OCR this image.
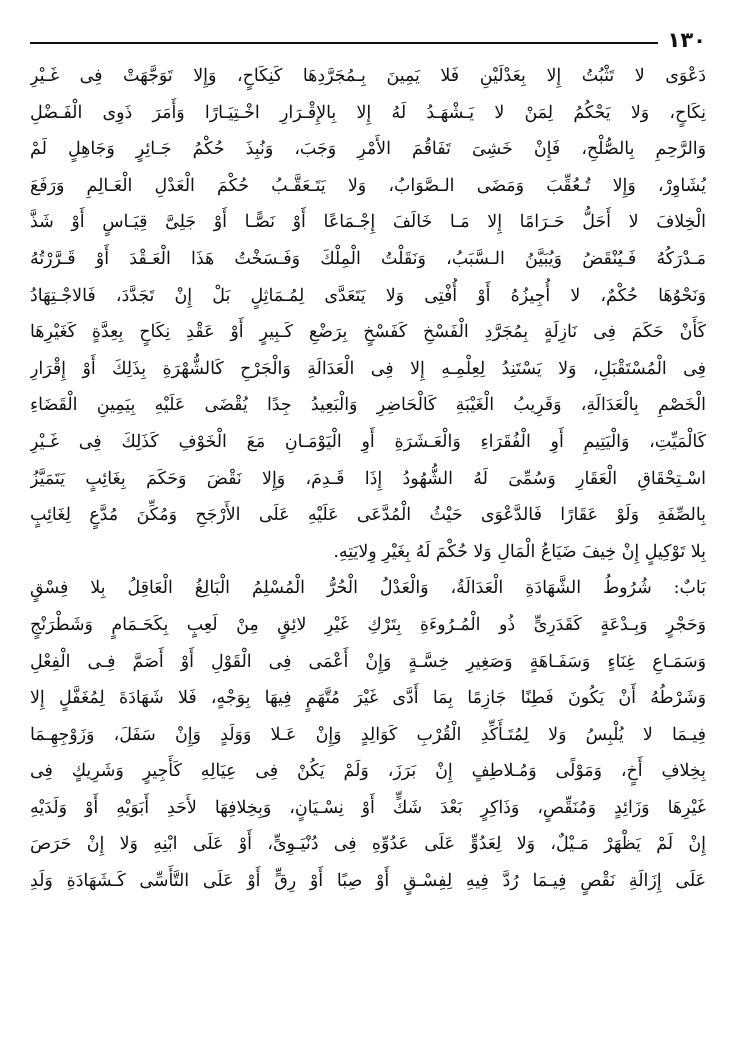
١٣٠
دَعْوَى لا تَثْبُتُ إِلا بِعَدْلَيْنِ فَلا يَمِينَ بِـمُجَرَّدِهَا كَنِكَاحٍ، وَإِلا تَوَجَّهَتْ فِى غَـيْرِ
نِكَاحٍ، وَلا يَحْكُمُ لِمَنْ لا يَـشْهَـدُ لَهُ إِلا بِالإِقْـرَارِ اخْـتِيَـارًا وَأَمَرَ ذَوِى الْفَـضْلِ
وَالرَّحِمِ بِالصُّلْحِ، فَإِنْ خَشِىَ تَفَاقُمَ الأَمْرِ وَجَبَ، وَنُبِذَ حُكْمُ جَـائِرٍ وَجَاهِلٍ لَمْ
يُشَاوِرْ، وَإِلا تُـعُقِّبَ وَمَضَى الـصَّوَابُ، وَلا يَتَـعَقَّـبُ حُكْمَ الْعَدْلِ الْعَـالِمِ وَرَفَعَ
الْخِلافَ لا أَحَلُّ حَـرَامًا إِلا مَـا خَالَفَ إِجْـمَاعًا أَوْ نَصًّـا أَوْ جَلِىَّ قِيَـاسٍ أَوْ شَذَّ
مَـدْرَكُهُ فَـيُنْقَضُ وَيُبَيَّنُ الـسَّبَبُ، وَنَقَلْتُ الْمِلْكَ وَفَـسَخْتُ هَذَا الْعَـقْدَ أَوْ قَـرَّرْتُهُ
وَنَحْوُهَا حُكْمٌ، لا أُجِيزُهُ أَوْ أُفْتِى وَلا يَتَعَدَّى لِمُـمَاثِلٍ بَلْ إِنْ تَجَدَّدَ، فَالاجْـتِهَادُ
كَأَنْ حَكَمَ فِى نَازِلَةٍ بِمُجَرَّدِ الْفَسْخِ كَفَسْخٍ بِرَضْعِ كَـبِيرٍ أَوْ عَقْدِ نِكَاحٍ بِعِدَّةٍ كَغَيْرِهَا
فِى الْمُسْتَقْبَلِ، وَلا يَسْتَنِدُ لِعِلْمِـهِ إِلا فِى الْعَدَالَةِ وَالْجَرْحِ كَالشُّهْرَةِ بِذَلِكَ أَوْ إِقْرَارِ
الْخَصْمِ بِالْعَدَالَةِ، وَقَرِيبُ الْغَيْبَةِ كَالْحَاضِرِ وَالْبَعِيدُ جِدًا يُقْضَى عَلَيْهِ بِيَمِينِ الْقَضَاءِ
كَالْمَيِّتِ، وَالْيَتِيمِ أَوِ الْفُقَرَاءِ وَالْعَـشَرَةِ أَوِ الْيَوْمَـانِ مَعَ الْخَوْفِ كَذَلِكَ فِى غَـيْرِ
اسْـتِحْقَاقِ الْعَقَارِ وَسُمِّىَ لَهُ الشُّهُودُ إِذَا قَـدِمَ، وَإِلا نَقْضَ وَحَكَمَ بِغَائِبٍ يَتَمَيَّزُ
بِالصِّفَةِ وَلَوْ عَقَارًا فَالدَّعْوَى حَيْثُ الْمُدَّعَى عَلَيْهِ عَلَى الأَرْجَحِ وَمُكِّنَ مُدَّعٍ لِغَائِبٍ
بِلا تَوْكِيلٍ إِنْ خِيفَ ضَيَاعُ الْمَالِ وَلا حُكْمَ لَهُ بِغَيْرِ وِلايَتِهِ.
بَابٌ: شُرُوطُ الشَّهَادَةِ الْعَدَالَةُ، وَالْعَدْلُ الْحُرُّ الْمُسْلِمُ الْبَالِغُ الْعَاقِلُ بِلا فِسْقٍ
وَحَجْرٍ وَبِـدْعَةٍ كَقَدَرِىٍّ ذُو الْمُـرُوءَةِ بِتَرْكِ غَيْرِ لائِقٍ مِنْ لَعِبٍ بِكَحَـمَامٍ وَشَطْرَنْجٍ
وَسَمَـاعِ غِنَاءٍ وَسَفَـاهَةٍ وَصَغِيرِ خِسَّـةٍ وَإِنْ أَعْمَى فِى الْقَوْلِ أَوْ أَصَمَّ فِـى الْفِعْلِ
وَشَرْطُهُ أَنْ يَكُونَ فَطِنًا جَازِمًا بِمَا أَدَّى غَيْرَ مُتَّهَمٍ فِيهَا بِوَجْهٍ، فَلا شَهَادَةَ لِمُغَفَّلٍ إِلا
فِيـمَا لا يُلْبِسُ وَلا لِمُتَـأَكِّدِ الْقُرْبِ كَوَالِدٍ وَإِنْ عَـلا وَوَلَدٍ وَإِنْ سَفَلَ، وَزَوْجِهِـمَا
بِخِلافِ أَخٍ، وَمَوْلًى وَمُـلاطِفٍ إِنْ بَرَزَ، وَلَمْ يَكُنْ فِى عِيَالِهِ كَأَجِيرٍ وَشَرِيكٍ فِى
غَيْرِهَا وَزَائِدٍ وَمُنَقِّصٍ، وَذَاكِرٍ بَعْدَ شَكٍّ أَوْ نِسْـيَانٍ، وَبِخِلافِهَا لأَحَدِ أَبَوَيْهِ أَوْ وَلَدَيْهِ
إِنْ لَمْ يَظْهَرْ مَـيْلٌ، وَلا لِعَدُوٍّ عَلَى عَدُوِّهِ فِى دُنْيَـوِىٍّ، أَوْ عَلَى ابْنِهِ وَلا إِنْ حَرَصَ
عَلَى إِزَالَةِ نَقْصٍ فِيـمَا رُدَّ فِيهِ لِفِسْـقٍ أَوْ صِبًا أَوْ رِقٍّ أَوْ عَلَى التَّأَسِّى كَـشَهَادَةِ وَلَدِ
